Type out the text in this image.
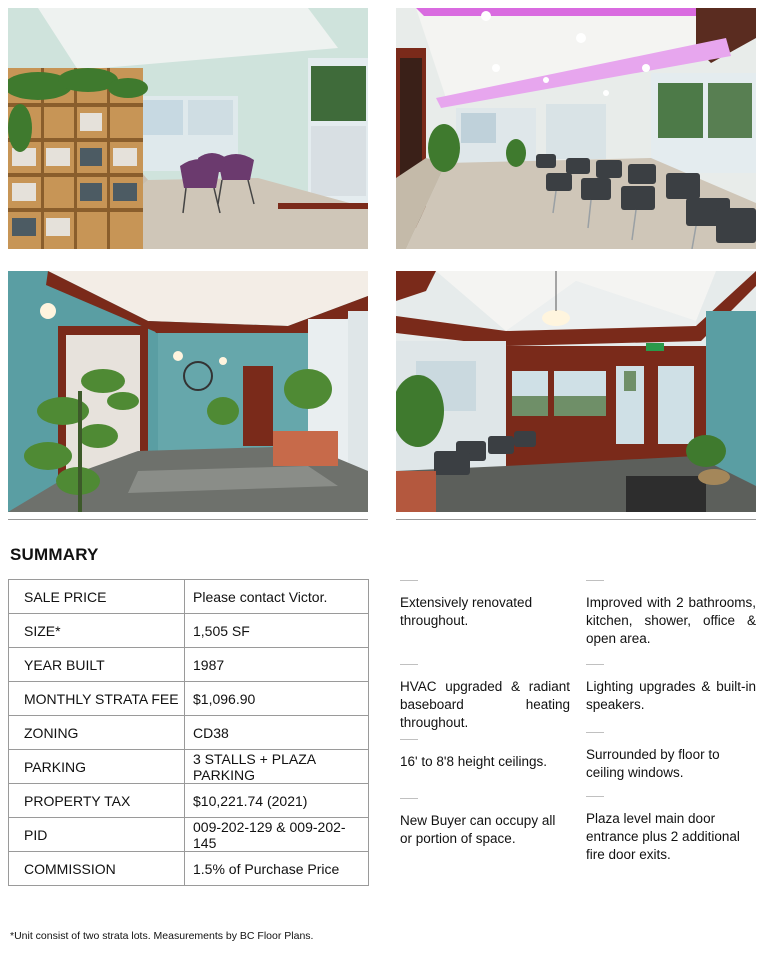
SUMMARY
SALE PRICE	Please contact Victor.
SIZE*	1,505 SF
YEAR BUILT	1987
MONTHLY STRATA FEE	$1,096.90
ZONING	CD38
PARKING	3 STALLS + PLAZA PARKING
PROPERTY TAX	$10,221.74 (2021)
PID	009-202-129 & 009-202-145
COMMISSION	1.5% of Purchase Price
Extensively renovated throughout.
HVAC upgraded & radiant baseboard heating throughout.
16' to 8'8 height ceilings.
New Buyer can occupy all or portion of space.
Improved with 2 bathrooms, kitchen, shower, office & open area.
Lighting upgrades & built-in speakers.
Surrounded by floor to ceiling windows.
Plaza level main door entrance plus 2 additional fire door exits.
*Unit consist of two strata lots. Measurements by BC Floor Plans.
